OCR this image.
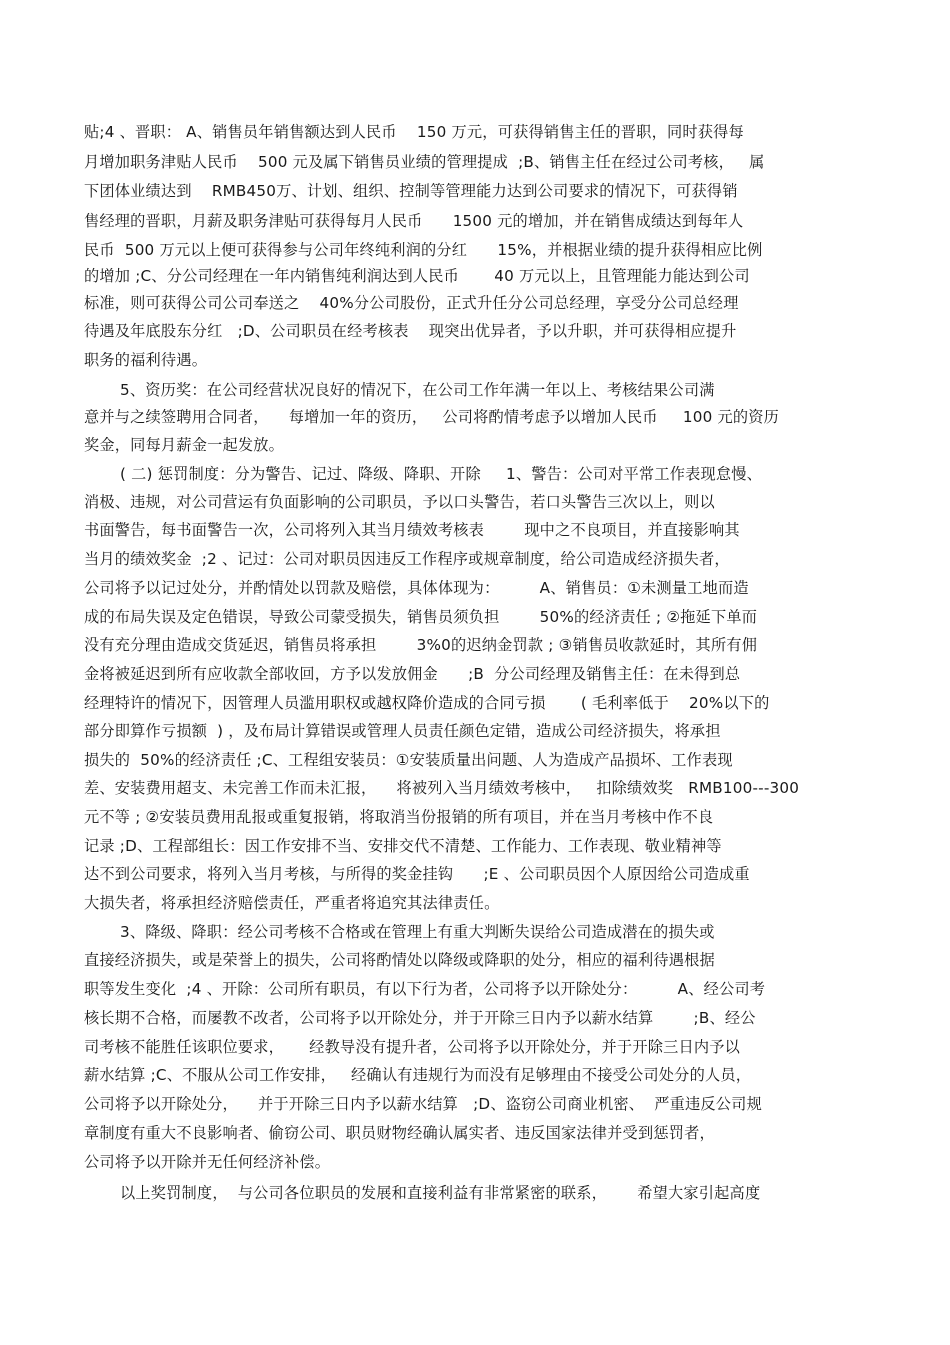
贴;4 、晋职： A、销售员年销售额达到人民币    150 万元，可获得销售主任的晋职，同时获得每
月增加职务津贴人民币    500 元及属下销售员业绩的管理提成  ;B、销售主任在经过公司考核，   属
下团体业绩达到    RMB450万、计划、组织、控制等管理能力达到公司要求的情况下，可获得销
售经理的晋职，月薪及职务津贴可获得每月人民币      1500 元的增加，并在销售成绩达到每年人
民币  500 万元以上便可获得参与公司年终纯利润的分红      15%，并根据业绩的提升获得相应比例
的增加 ;C、分公司经理在一年内销售纯利润达到人民币       40 万元以上，且管理能力能达到公司
标准，则可获得公司公司奉送之    40%分公司股份，正式升任分公司总经理，享受分公司总经理
待遇及年底股东分红   ;D、公司职员在经考核表    现突出优异者，予以升职，并可获得相应提升
职务的福利待遇。
5、资历奖：在公司经营状况良好的情况下，在公司工作年满一年以上、考核结果公司满
意并与之续签聘用合同者，    每增加一年的资历，   公司将酌情考虑予以增加人民币     100 元的资历
奖金，同每月薪金一起发放。
( 二) 惩罚制度：分为警告、记过、降级、降职、开除     1、警告：公司对平常工作表现怠慢、
消极、违规，对公司营运有负面影响的公司职员，予以口头警告，若口头警告三次以上，则以
书面警告，每书面警告一次，公司将列入其当月绩效考核表        现中之不良项目，并直接影响其
当月的绩效奖金  ;2 、记过：公司对职员因违反工作程序或规章制度，给公司造成经济损失者，
公司将予以记过处分，并酌情处以罚款及赔偿，具体体现为：        A、销售员：①未测量工地而造
成的布局失误及定色错误，导致公司蒙受损失，销售员须负担        50%的经济责任 ; ②拖延下单而
没有充分理由造成交货延迟，销售员将承担        3%0的迟纳金罚款 ; ③销售员收款延时，其所有佣
金将被延迟到所有应收款全部收回，方予以发放佣金      ;B  分公司经理及销售主任：在未得到总
经理特许的情况下，因管理人员滥用职权或越权降价造成的合同亏损       ( 毛利率低于    20%以下的
部分即算作亏损额  ) ，及布局计算错误或管理人员责任颜色定错，造成公司经济损失，将承担
损失的  50%的经济责任 ;C、工程组安装员：①安装质量出问题、人为造成产品损坏、工作表现
差、安装费用超支、未完善工作而未汇报，    将被列入当月绩效考核中，   扣除绩效奖   RMB100---300
元不等 ; ②安装员费用乱报或重复报销，将取消当份报销的所有项目，并在当月考核中作不良
记录 ;D、工程部组长：因工作安排不当、安排交代不清楚、工作能力、工作表现、敬业精神等
达不到公司要求，将列入当月考核，与所得的奖金挂钩      ;E 、公司职员因个人原因给公司造成重
大损失者，将承担经济赔偿责任，严重者将追究其法律责任。
3、降级、降职：经公司考核不合格或在管理上有重大判断失误给公司造成潜在的损失或
直接经济损失，或是荣誉上的损失，公司将酌情处以降级或降职的处分，相应的福利待遇根据
职等发生变化  ;4 、开除：公司所有职员，有以下行为者，公司将予以开除处分：        A、经公司考
核长期不合格，而屡教不改者，公司将予以开除处分，并于开除三日内予以薪水结算        ;B、经公
司考核不能胜任该职位要求，     经教导没有提升者，公司将予以开除处分，并于开除三日内予以
薪水结算 ;C、不服从公司工作安排，   经确认有违规行为而没有足够理由不接受公司处分的人员，
公司将予以开除处分，    并于开除三日内予以薪水结算   ;D、盗窃公司商业机密、  严重违反公司规
章制度有重大不良影响者、偷窃公司、职员财物经确认属实者、违反国家法律并受到惩罚者，
公司将予以开除并无任何经济补偿。
以上奖罚制度，  与公司各位职员的发展和直接利益有非常紧密的联系，      希望大家引起高度
